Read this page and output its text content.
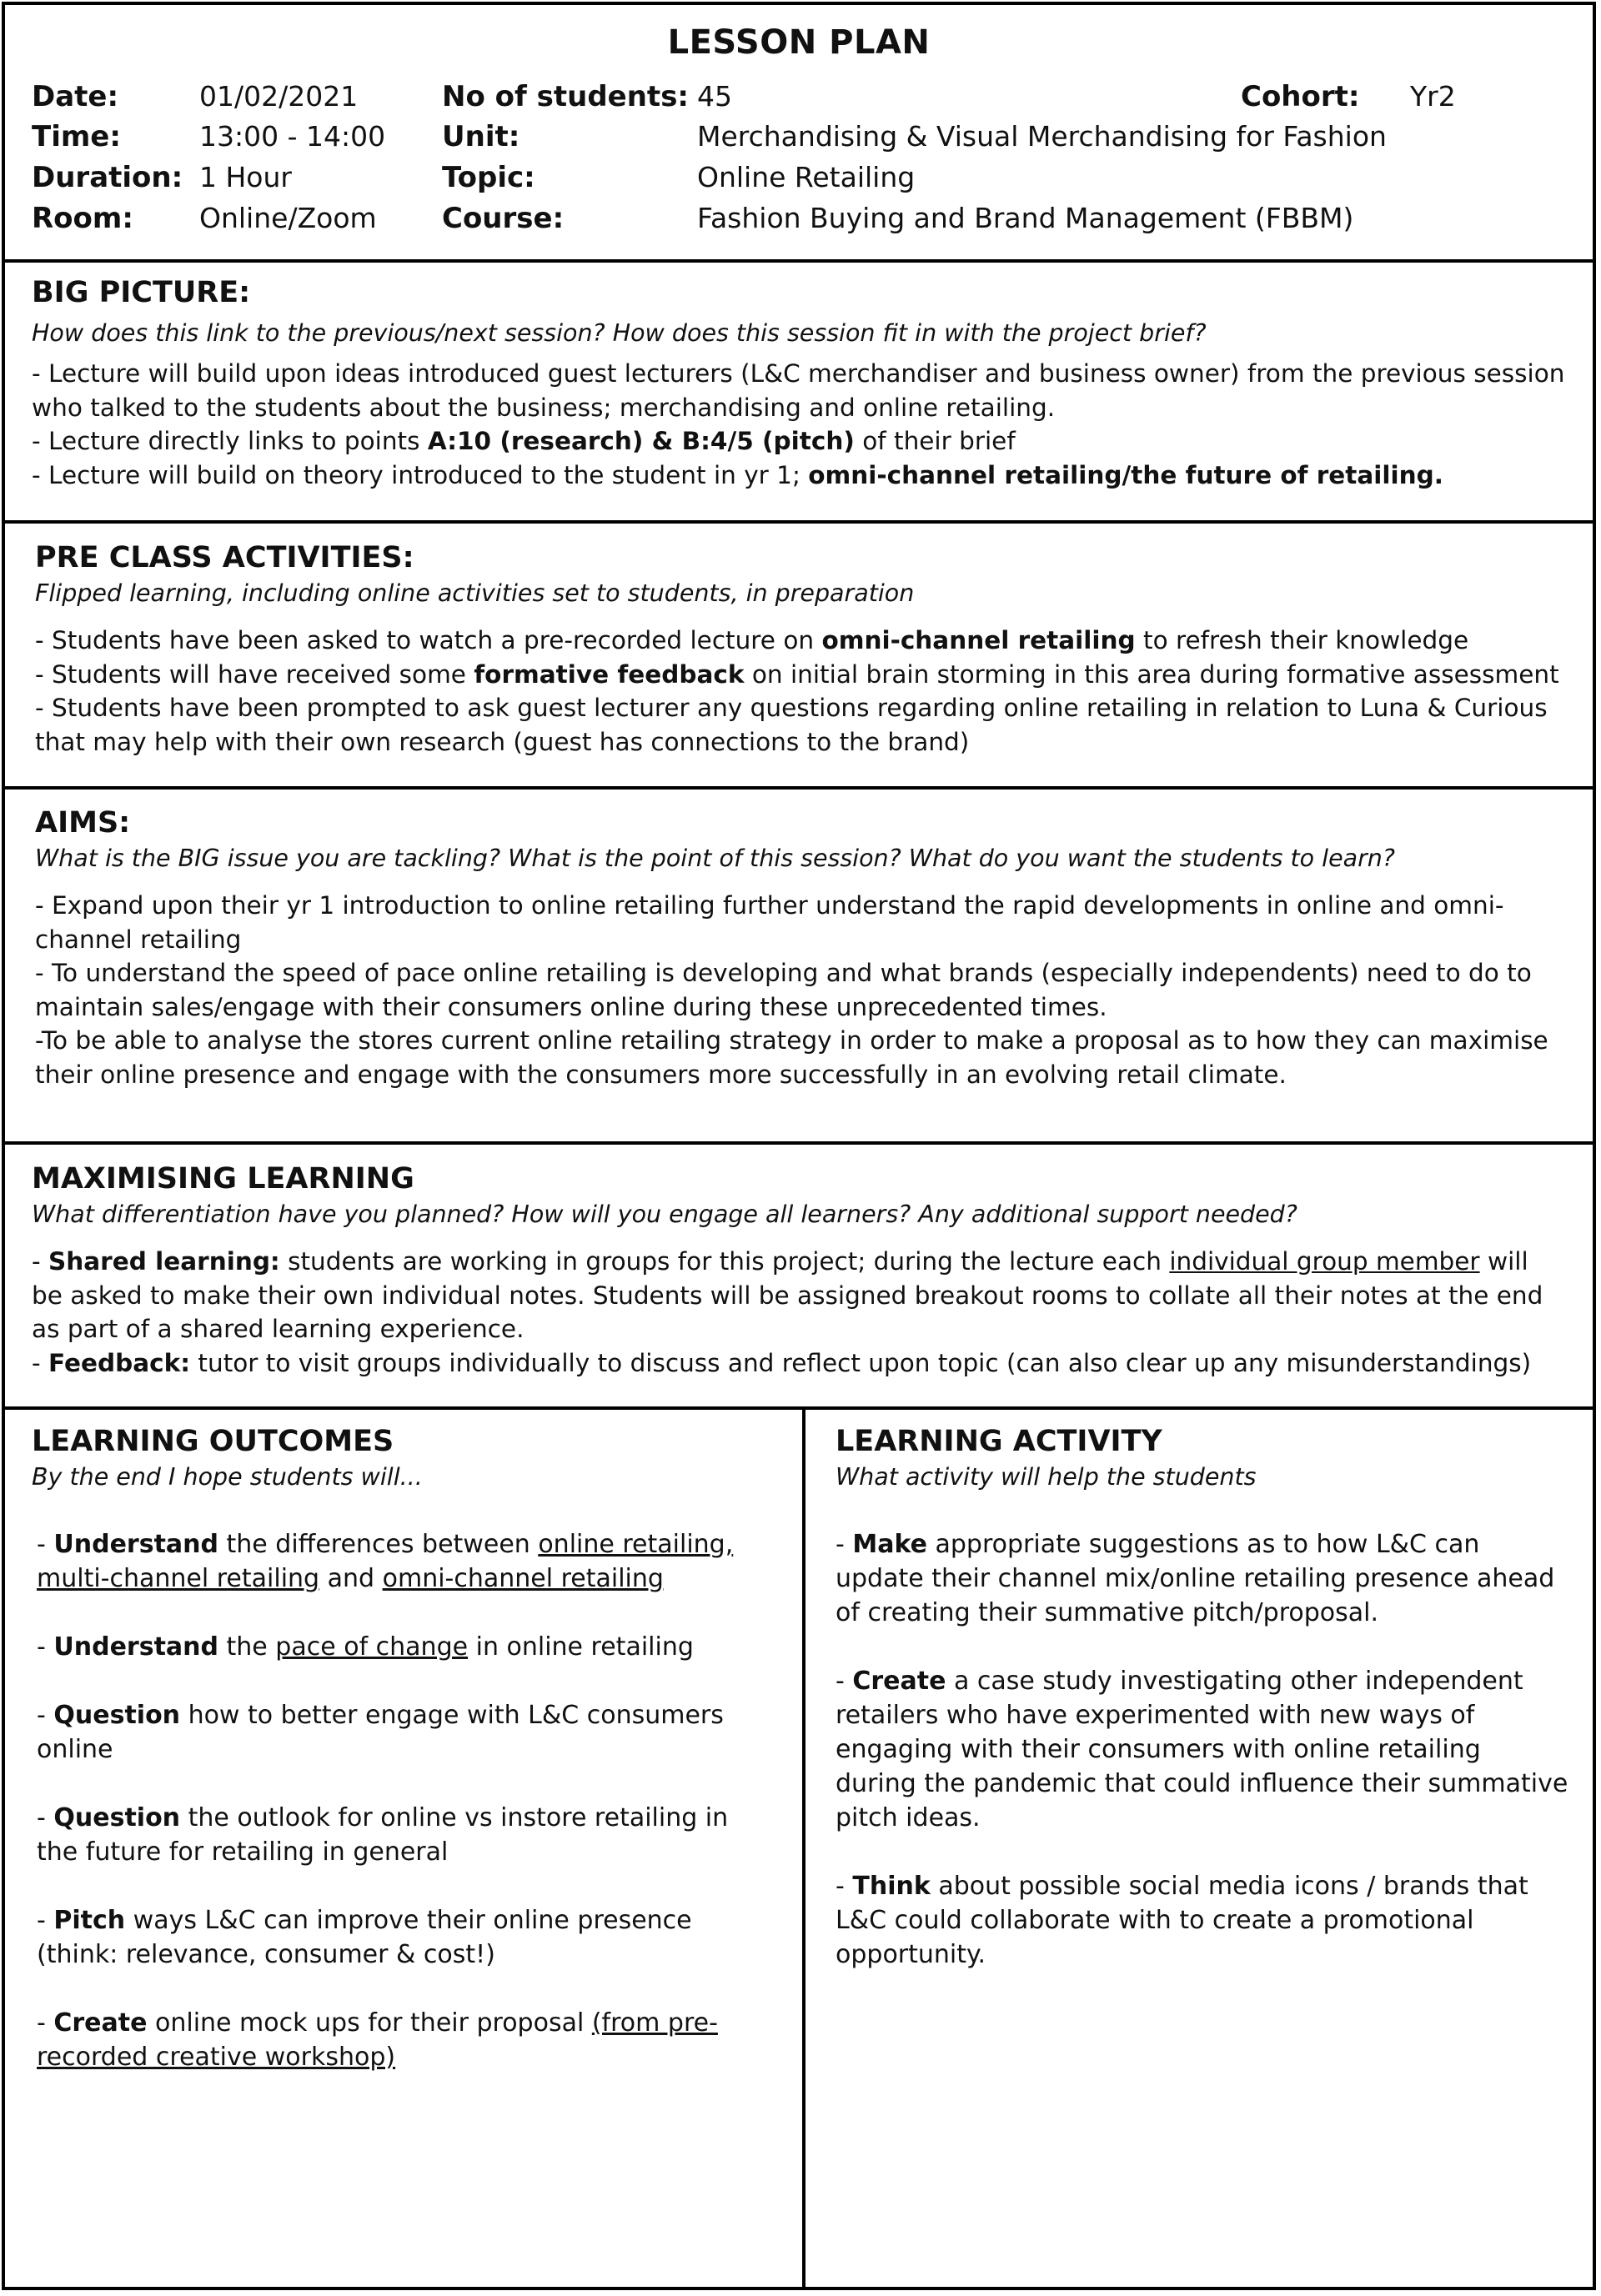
LESSON PLAN
Date:	01/02/2021
Time:	13:00 - 14:00
Duration: 1 Hour
Room: Online/Zoom
No of students: 45
Unit:	Merchandising & Visual Merchandising for Fashion
Topic:	Online Retailing
Course:	Fashion Buying and Brand Management (FBBM)
Cohort: Yr2
BIG PICTURE:
How does this link to the previous/next session? How does this session fit in with the project brief?

- Lecture will build upon ideas introduced guest lecturers (L&C merchandiser and business owner) from the previous session who talked to the students about the business; merchandising and online retailing.

- Lecture directly links to points A:10 (research) & B:4/5 (pitch) of their brief

- Lecture will build on theory introduced to the student in yr 1; omni-channel retailing/the future of retailing.

PRE CLASS ACTIVITIES:
Flipped learning, including online activities set to students, in preparation

- Students have been asked to watch a pre-recorded lecture on omni-channel retailing to refresh their knowledge

- Students will have received some formative feedback on initial brain storming in this area during formative assessment

- Students have been prompted to ask guest lecturer any questions regarding online retailing in relation to Luna & Curious that may help with their own research (guest has connections to the brand)

AIMS:
What is the BIG issue you are tackling? What is the point of this session? What do you want the students to learn?

- Expand upon their yr 1 introduction to online retailing further understand the rapid developments in online and omni-channel retailing

- To understand the speed of pace online retailing is developing and what brands (especially independents) need to do to maintain sales/engage with their consumers online during these unprecedented times.

-To be able to analyse the stores current online retailing strategy in order to make a proposal as to how they can maximise their online presence and engage with the consumers more successfully in an evolving retail climate.

MAXIMISING LEARNING
What differentiation have you planned? How will you engage all learners? Any additional support needed?

- Shared learning: students are working in groups for this project; during the lecture each individual group member will be asked to make their own individual notes. Students will be assigned breakout rooms to collate all their notes at the end as part of a shared learning experience.

- Feedback: tutor to visit groups individually to discuss and reflect upon topic (can also clear up any misunderstandings)

LEARNING OUTCOMES
By the end I hope students will...

- Understand the differences between online retailing,
multi-channel retailing and omni-channel retailing

- Understand the pace of change in online retailing

- Question how to better engage with L&C consumers online

- Question the outlook for online vs instore retailing in the future for retailing in general

- Pitch ways L&C can improve their online presence (think: relevance, consumer & cost!)

- Create online mock ups for their proposal (from pre-recorded creative workshop)

LEARNING ACTIVITY
What activity will help the students

- Make appropriate suggestions as to how L&C can update their channel mix/online retailing presence ahead of creating their summative pitch/proposal.

- Create a case study investigating other independent retailers who have experimented with new ways of engaging with their consumers with online retailing during the pandemic that could influence their summative pitch ideas.

- Think about possible social media icons / brands that L&C could collaborate with to create a promotional opportunity.
